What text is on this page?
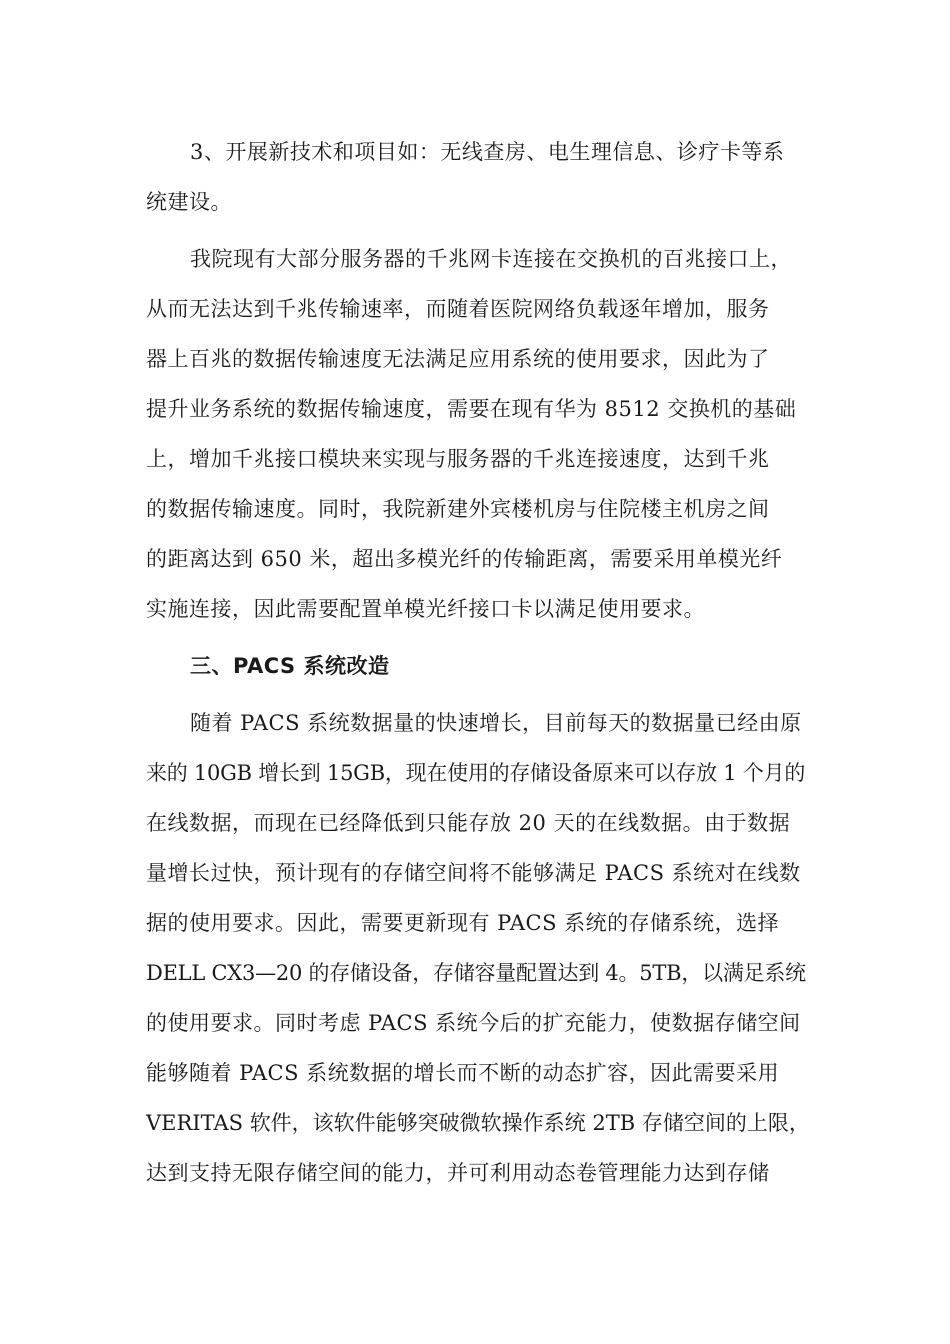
3、开展新技术和项目如：无线查房、电生理信息、诊疗卡等系
统建设。
我院现有大部分服务器的千兆网卡连接在交换机的百兆接口上，
从而无法达到千兆传输速率，而随着医院网络负载逐年增加，服务
器上百兆的数据传输速度无法满足应用系统的使用要求，因此为了
提升业务系统的数据传输速度，需要在现有华为 8512 交换机的基础
上，增加千兆接口模块来实现与服务器的千兆连接速度，达到千兆
的数据传输速度。同时，我院新建外宾楼机房与住院楼主机房之间
的距离达到 650 米，超出多模光纤的传输距离，需要采用单模光纤
实施连接，因此需要配置单模光纤接口卡以满足使用要求。
三、PACS 系统改造
随着 PACS 系统数据量的快速增长，目前每天的数据量已经由原
来的 10GB 增长到 15GB，现在使用的存储设备原来可以存放 1 个月的
在线数据，而现在已经降低到只能存放 20 天的在线数据。由于数据
量增长过快，预计现有的存储空间将不能够满足 PACS 系统对在线数
据的使用要求。因此，需要更新现有 PACS 系统的存储系统，选择
DELL CX3—20 的存储设备，存储容量配置达到 4。5TB，以满足系统
的使用要求。同时考虑 PACS 系统今后的扩充能力，使数据存储空间
能够随着 PACS 系统数据的增长而不断的动态扩容，因此需要采用
VERITAS 软件，该软件能够突破微软操作系统 2TB 存储空间的上限，
达到支持无限存储空间的能力，并可利用动态卷管理能力达到存储
